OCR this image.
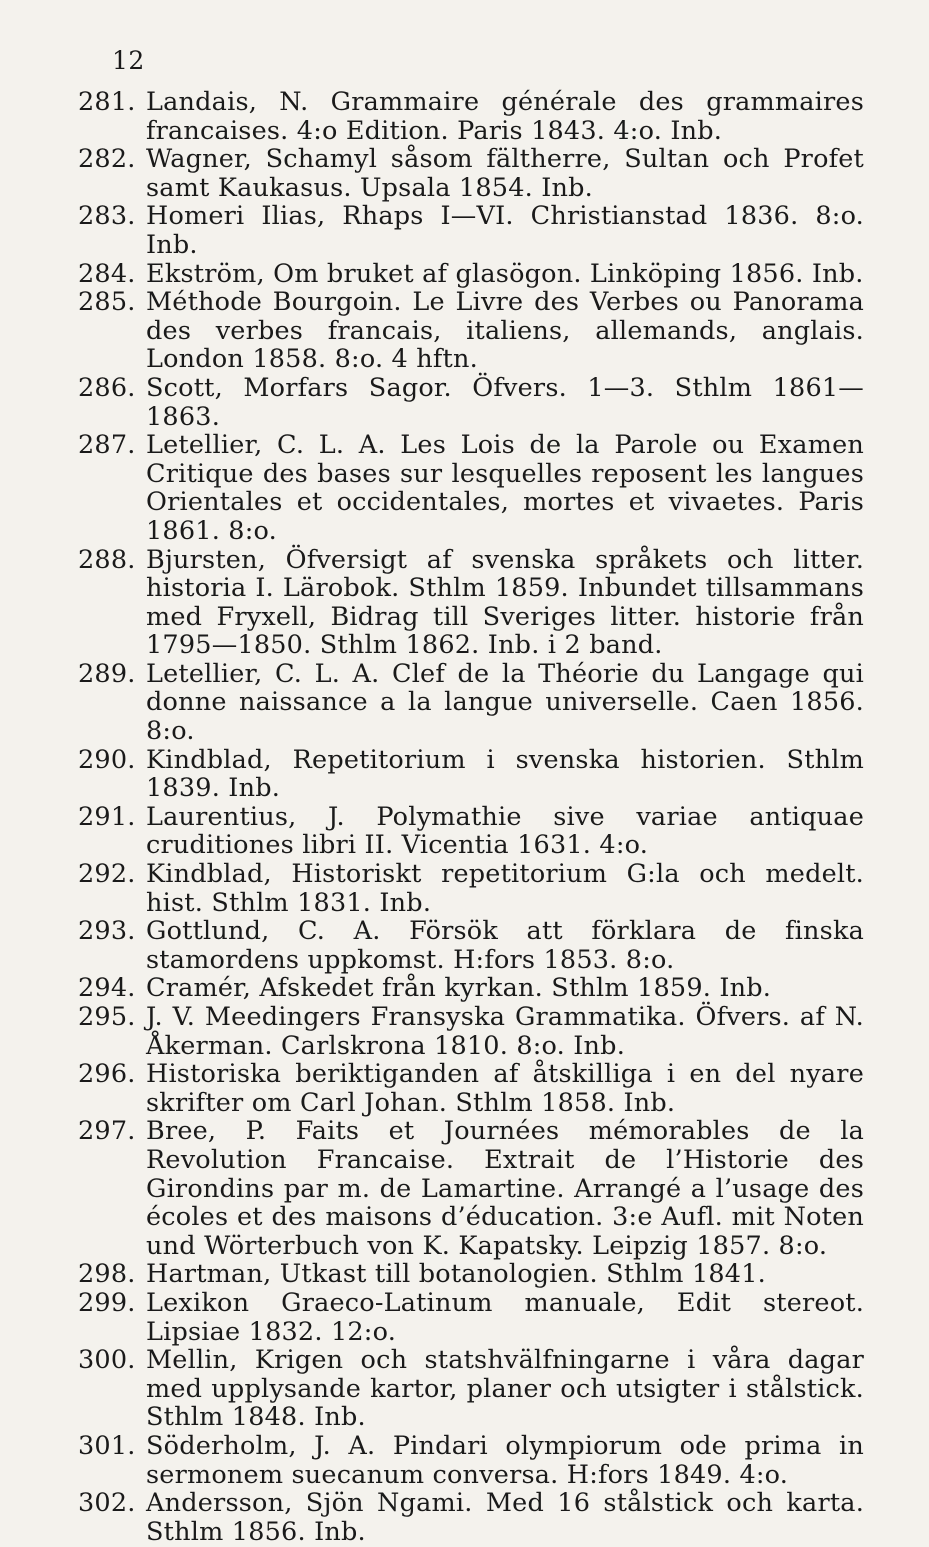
12
281. Landais, N. Grammaire générale des grammaires francaises. 4:o Edition. Paris 1843. 4:o. Inb.
282. Wagner, Schamyl såsom fältherre, Sultan och Profet samt Kaukasus. Upsala 1854. Inb.
283. Homeri Ilias, Rhaps I—VI. Christianstad 1836. 8:o. Inb.
284. Ekström, Om bruket af glasögon. Linköping 1856. Inb.
285. Méthode Bourgoin. Le Livre des Verbes ou Panorama des verbes francais, italiens, allemands, anglais. London 1858. 8:o. 4 hftn.
286. Scott, Morfars Sagor. Öfvers. 1—3. Sthlm 1861—1863.
287. Letellier, C. L. A. Les Lois de la Parole ou Examen Critique des bases sur lesquelles reposent les langues Orientales et occidentales, mortes et vivaetes. Paris 1861. 8:o.
288. Bjursten, Öfversigt af svenska språkets och litter. historia I. Lärobok. Sthlm 1859. Inbundet tillsammans med Fryxell, Bidrag till Sveriges litter. historie från 1795—1850. Sthlm 1862. Inb. i 2 band.
289. Letellier, C. L. A. Clef de la Théorie du Langage qui donne naissance a la langue universelle. Caen 1856. 8:o.
290. Kindblad, Repetitorium i svenska historien. Sthlm 1839. Inb.
291. Laurentius, J. Polymathie sive variae antiquae cruditiones libri II. Vicentia 1631. 4:o.
292. Kindblad, Historiskt repetitorium G:la och medelt. hist. Sthlm 1831. Inb.
293. Gottlund, C. A. Försök att förklara de finska stamordens uppkomst. H:fors 1853. 8:o.
294. Cramér, Afskedet från kyrkan. Sthlm 1859. Inb.
295. J. V. Meedingers Fransyska Grammatika. Öfvers. af N. Åkerman. Carlskrona 1810. 8:o. Inb.
296. Historiska beriktiganden af åtskilliga i en del nyare skrifter om Carl Johan. Sthlm 1858. Inb.
297. Bree, P. Faits et Journées mémorables de la Revolution Francaise. Extrait de l’Historie des Girondins par m. de Lamartine. Arrangé a l’usage des écoles et des maisons d’éducation. 3:e Aufl. mit Noten und Wörterbuch von K. Kapatsky. Leipzig 1857. 8:o.
298. Hartman, Utkast till botanologien. Sthlm 1841.
299. Lexikon Graeco-Latinum manuale, Edit stereot. Lipsiae 1832. 12:o.
300. Mellin, Krigen och statshvälfningarne i våra dagar med upplysande kartor, planer och utsigter i stålstick. Sthlm 1848. Inb.
301. Söderholm, J. A. Pindari olympiorum ode prima in sermonem suecanum conversa. H:fors 1849. 4:o.
302. Andersson, Sjön Ngami. Med 16 stålstick och karta. Sthlm 1856. Inb.
